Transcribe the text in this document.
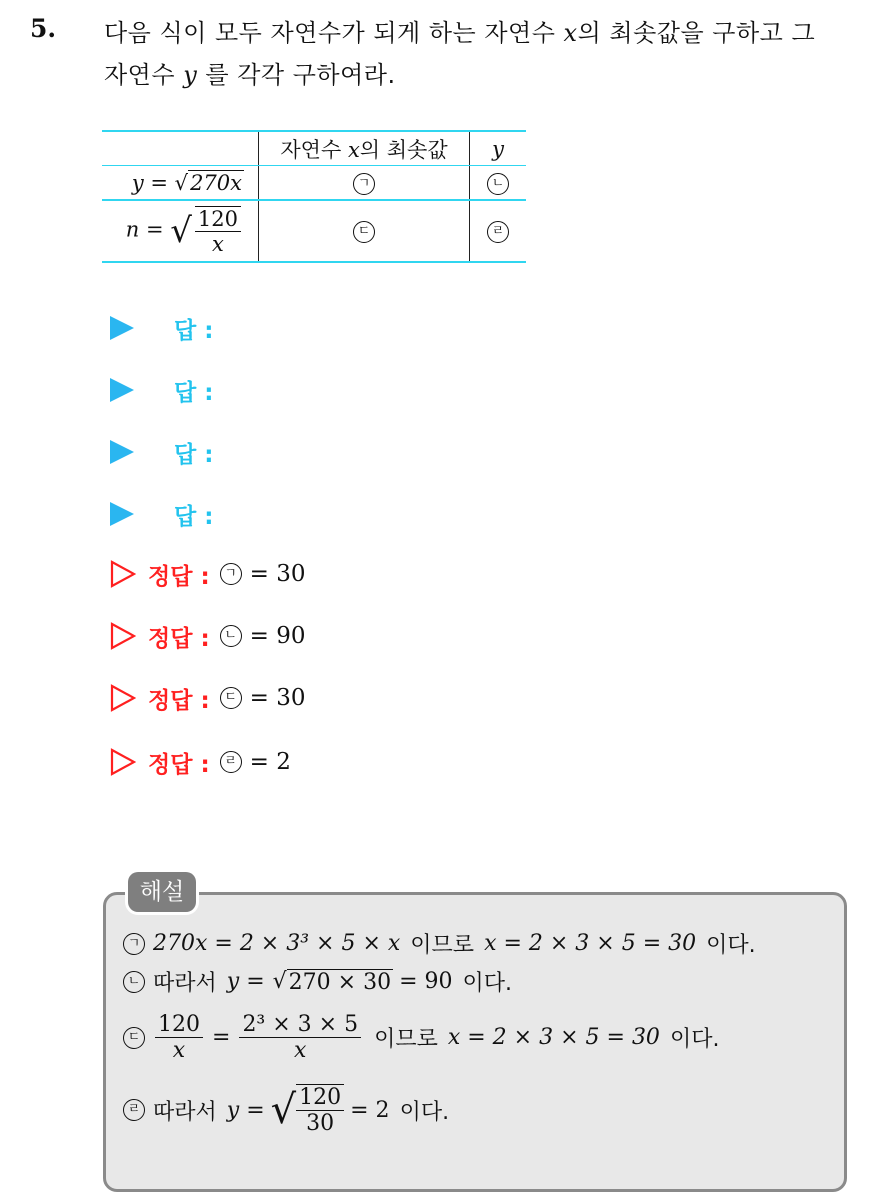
5. 다음 식이 모두 자연수가 되게 하는 자연수 x의 최솟값을 구하고 그
자연수 y 를 각각 구하여라.
	자연수 x의 최솟값	y
y = √270x	ㄱ	ㄴ
n = √ $\frac{120}{x}$	ㄷ	ㄹ
답 :
답 :
답 :
답 :
정답 :	ㄱ = 30
정답 :	ㄴ = 90
정답 :	ㄷ = 30
정답 :	ㄹ = 2
해설
ㄱ 270x = 2 × 3³ × 5 × x 이므로 x = 2 × 3 × 5 = 30 이다.
ㄴ 따라서 y = √ 270 × 30 = 90 이다.
ㄷ $\frac{120}{x} = \frac{\text{2³ × 3 × 5}}{x}$ 이므로 x = 2 × 3 × 5 = 30 이다.
ㄹ 따라서 y = √ $\frac{120}{30} = 2$ 이다.
